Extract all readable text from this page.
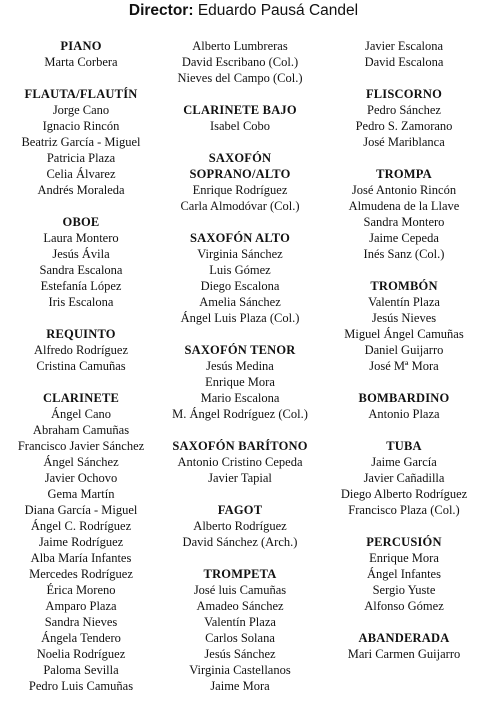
Director: Eduardo Pausá Candel
PIANO
Marta Corbera
FLAUTA/FLAUTÍN
Jorge Cano
Ignacio Rincón
Beatriz García - Miguel
Patricia Plaza
Celia Álvarez
Andrés Moraleda
OBOE
Laura Montero
Jesús Ávila
Sandra Escalona
Estefanía López
Iris Escalona
REQUINTO
Alfredo Rodríguez
Cristina Camuñas
CLARINETE
Ángel Cano
Abraham Camuñas
Francisco Javier Sánchez
Ángel Sánchez
Javier Ochovo
Gema Martín
Diana García - Miguel
Ángel C. Rodríguez
Jaime Rodríguez
Alba María Infantes
Mercedes Rodríguez
Érica Moreno
Amparo Plaza
Sandra Nieves
Ángela Tendero
Noelia Rodríguez
Paloma Sevilla
Pedro Luis Camuñas
Alberto Lumbreras
David Escribano (Col.)
Nieves del Campo (Col.)
CLARINETE BAJO
Isabel Cobo
SAXOFÓN
SOPRANO/ALTO
Enrique Rodríguez
Carla Almodóvar (Col.)
SAXOFÓN ALTO
Virginia Sánchez
Luis Gómez
Diego Escalona
Amelia Sánchez
Ángel Luis Plaza (Col.)
SAXOFÓN TENOR
Jesús Medina
Enrique Mora
Mario Escalona
M. Ángel Rodríguez (Col.)
SAXOFÓN BARÍTONO
Antonio Cristino Cepeda
Javier Tapial
FAGOT
Alberto Rodríguez
David Sánchez (Arch.)
TROMPETA
José luis Camuñas
Amadeo Sánchez
Valentín Plaza
Carlos Solana
Jesús Sánchez
Virginia Castellanos
Jaime Mora
Javier Escalona
David Escalona
FLISCORNO
Pedro Sánchez
Pedro S. Zamorano
José Mariblanca
TROMPA
José Antonio Rincón
Almudena de la Llave
Sandra Montero
Jaime Cepeda
Inés Sanz (Col.)
TROMBÓN
Valentín Plaza
Jesús Nieves
Miguel Ángel Camuñas
Daniel Guijarro
José Mª Mora
BOMBARDINO
Antonio Plaza
TUBA
Jaime García
Javier Cañadilla
Diego Alberto Rodríguez
Francisco Plaza (Col.)
PERCUSIÓN
Enrique Mora
Ángel Infantes
Sergio Yuste
Alfonso Gómez
ABANDERADA
Mari Carmen Guijarro
